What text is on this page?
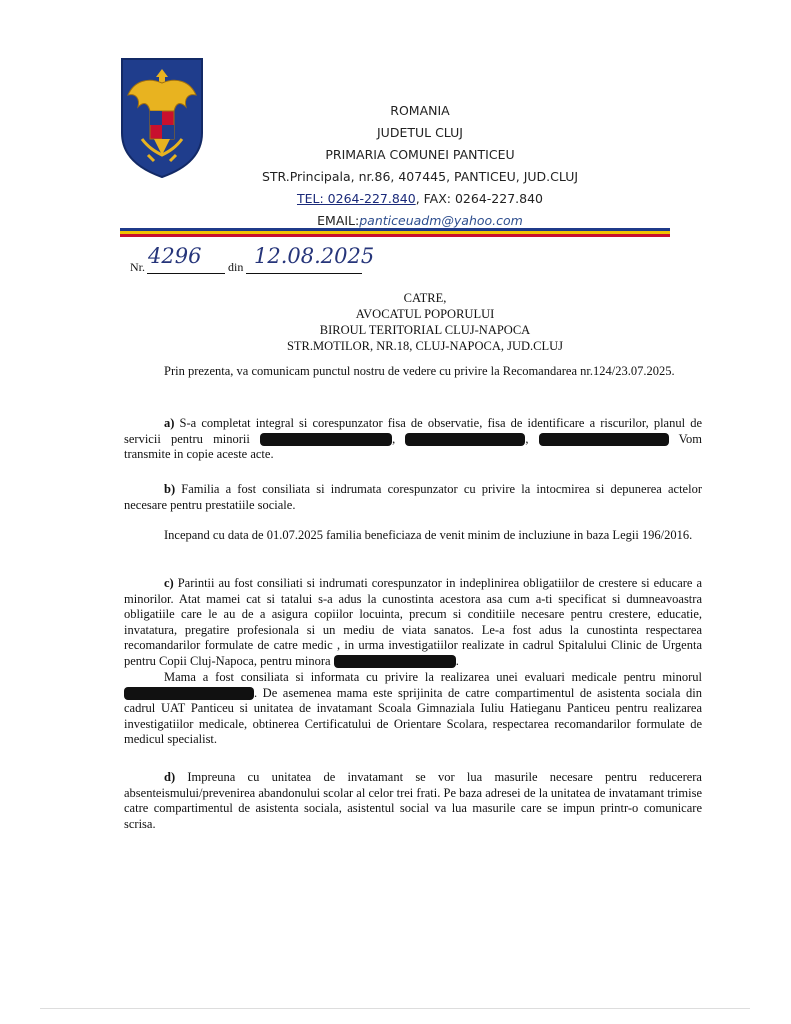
ROMANIA
JUDETUL CLUJ
PRIMARIA COMUNEI PANTICEU
STR.Principala, nr.86, 407445, PANTICEU, JUD.CLUJ
TEL: 0264-227.840, FAX: 0264-227.840
EMAIL:panticeuadm@yahoo.com
Nr. 4296 din 12.08.2025
CATRE,
AVOCATUL POPORULUI
BIROUL TERITORIAL CLUJ-NAPOCA
STR.MOTILOR, NR.18, CLUJ-NAPOCA, JUD.CLUJ
Prin prezenta, va comunicam punctul nostru de vedere cu privire la Recomandarea nr.124/23.07.2025.
a) S-a completat integral si corespunzator fisa de observatie, fisa de identificare a riscurilor, planul de servicii pentru minorii	,	,	Vom transmite in copie aceste acte.
b) Familia a fost consiliata si indrumata corespunzator cu privire la intocmirea si depunerea actelor necesare pentru prestatiile sociale.
Incepand cu data de 01.07.2025 familia beneficiaza de venit minim de incluziune in baza Legii 196/2016.
c) Parintii au fost consiliati si indrumati corespunzator in indeplinirea obligatiilor de crestere si educare a minorilor. Atat mamei cat si tatalui s-a adus la cunostinta acestora asa cum a-ti specificat si dumneavoastra obligatiile care le au de a asigura copiilor locuinta, precum si conditiile necesare pentru crestere, educatie, invatatura, pregatire profesionala si un mediu de viata sanatos. Le-a fost adus la cunostinta respectarea recomandarilor formulate de catre medic , in urma investigatiilor realizate in cadrul Spitalului Clinic de Urgenta pentru Copii Cluj-Napoca, pentru minora	.
Mama a fost consiliata si informata cu privire la realizarea unei evaluari medicale pentru minorul . De asemenea mama este sprijinita de catre compartimentul de asistenta sociala din cadrul UAT Panticeu si unitatea de invatamant Scoala Gimnaziala Iuliu Hatieganu Panticeu pentru realizarea investigatiilor medicale, obtinerea Certificatului de Orientare Scolara, respectarea recomandarilor formulate de medicul specialist.
d) Impreuna cu unitatea de invatamant se vor lua masurile necesare pentru reducerera absenteismului/prevenirea abandonului scolar al celor trei frati. Pe baza adresei de la unitatea de invatamant trimise catre compartimentul de asistenta sociala, asistentul social va lua masurile care se impun printr-o comunicare scrisa.
